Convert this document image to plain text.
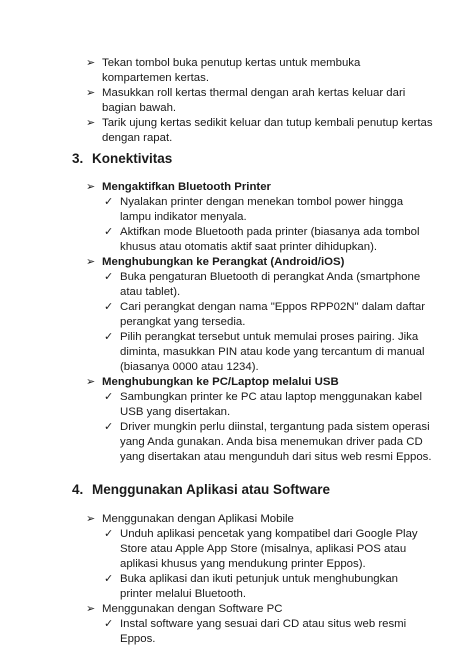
➢ Tekan tombol buka penutup kertas untuk membuka
kompartemen kertas.
➢ Masukkan roll kertas thermal dengan arah kertas keluar dari
bagian bawah.
➢ Tarik ujung kertas sedikit keluar dan tutup kembali penutup kertas
dengan rapat.
3. Konektivitas
➢ Mengaktifkan Bluetooth Printer
✓ Nyalakan printer dengan menekan tombol power hingga
lampu indikator menyala.
✓ Aktifkan mode Bluetooth pada printer (biasanya ada tombol
khusus atau otomatis aktif saat printer dihidupkan).
➢ Menghubungkan ke Perangkat (Android/iOS)
✓ Buka pengaturan Bluetooth di perangkat Anda (smartphone
atau tablet).
✓ Cari perangkat dengan nama "Eppos RPP02N" dalam daftar
perangkat yang tersedia.
✓ Pilih perangkat tersebut untuk memulai proses pairing. Jika
diminta, masukkan PIN atau kode yang tercantum di manual
(biasanya 0000 atau 1234).
➢ Menghubungkan ke PC/Laptop melalui USB
✓ Sambungkan printer ke PC atau laptop menggunakan kabel
USB yang disertakan.
✓ Driver mungkin perlu diinstal, tergantung pada sistem operasi
yang Anda gunakan. Anda bisa menemukan driver pada CD
yang disertakan atau mengunduh dari situs web resmi Eppos.
4. Menggunakan Aplikasi atau Software
➢ Menggunakan dengan Aplikasi Mobile
✓ Unduh aplikasi pencetak yang kompatibel dari Google Play
Store atau Apple App Store (misalnya, aplikasi POS atau
aplikasi khusus yang mendukung printer Eppos).
✓ Buka aplikasi dan ikuti petunjuk untuk menghubungkan
printer melalui Bluetooth.
➢ Menggunakan dengan Software PC
✓ Instal software yang sesuai dari CD atau situs web resmi
Eppos.
